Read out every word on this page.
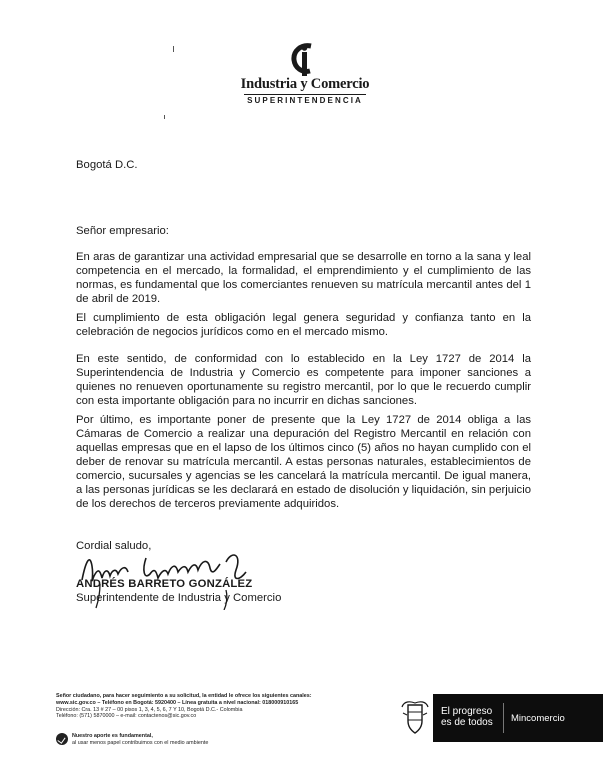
Industria y Comercio
SUPERINTENDENCIA
Bogotá D.C.
Señor empresario:
En aras de garantizar una actividad empresarial que se desarrolle en torno a la sana y leal competencia en el mercado, la formalidad, el emprendimiento y el cumplimiento de las normas, es fundamental que los comerciantes renueven su matrícula mercantil antes del 1 de abril de 2019.
El cumplimiento de esta obligación legal genera seguridad y confianza tanto en la celebración de negocios jurídicos como en el mercado mismo.
En este sentido, de conformidad con lo establecido en la Ley 1727 de 2014 la Superintendencia de Industria y Comercio es competente para imponer sanciones a quienes no renueven oportunamente su registro mercantil, por lo que le recuerdo cumplir con esta importante obligación para no incurrir en dichas sanciones.
Por último, es importante poner de presente que la Ley 1727 de 2014 obliga a las Cámaras de Comercio a realizar una depuración del Registro Mercantil en relación con aquellas empresas que en el lapso de los últimos cinco (5) años no hayan cumplido con el deber de renovar su matrícula mercantil. A estas personas naturales, establecimientos de comercio, sucursales y agencias se les cancelará la matrícula mercantil. De igual manera, a las personas jurídicas se les declarará en estado de disolución y liquidación, sin perjuicio de los derechos de terceros previamente adquiridos.
Cordial saludo,
ANDRÉS BARRETO GONZÁLEZ
Superintendente de Industria y Comercio
Señor ciudadano, para hacer seguimiento a su solicitud, la entidad le ofrece los siguientes canales:
www.sic.gov.co – Teléfono en Bogotá: 5920400 – Línea gratuita a nivel nacional: 018000910165
Dirección: Cra. 13 # 27 – 00 pisos 1, 3, 4, 5, 6, 7 Y 10, Bogotá D.C.- Colombia
Teléfono: (571) 5870000 – e-mail: contactenos@sic.gov.co
Nuestro aporte es fundamental,
al usar menos papel contribuimos con el medio ambiente
El progreso
es de todos Mincomercio
